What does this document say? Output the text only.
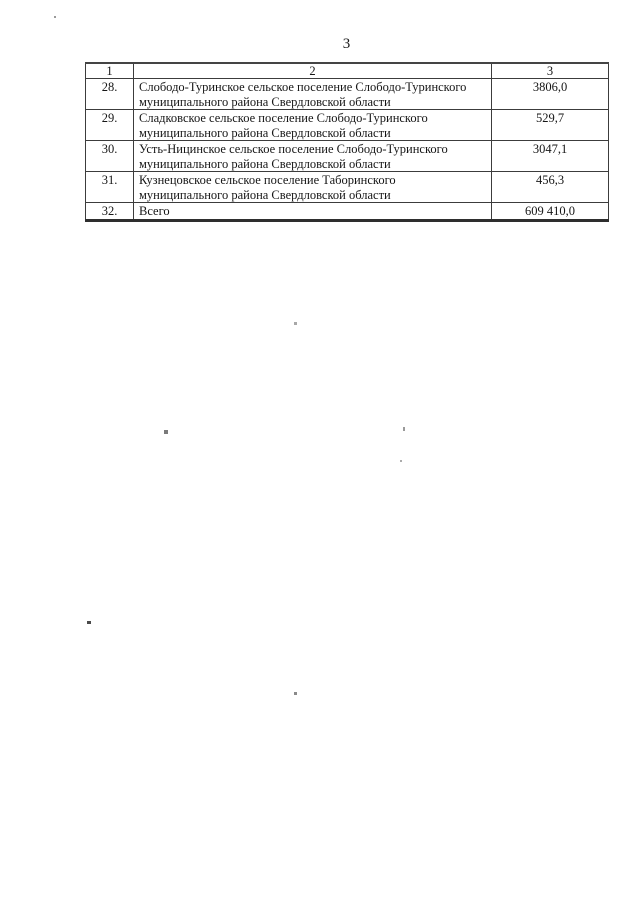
3
1	2	3
28.	Слободо-Туринское сельское поселение Слободо-Туринского муниципального района Свердловской области	3806,0
29.	Сладковское сельское поселение Слободо-Туринского муниципального района Свердловской области	529,7
30.	Усть-Ницинское сельское поселение Слободо-Туринского муниципального района Свердловской области	3047,1
31.	Кузнецовское сельское поселение Таборинского муниципального района Свердловской области	456,3
32.	Всего	609 410,0
